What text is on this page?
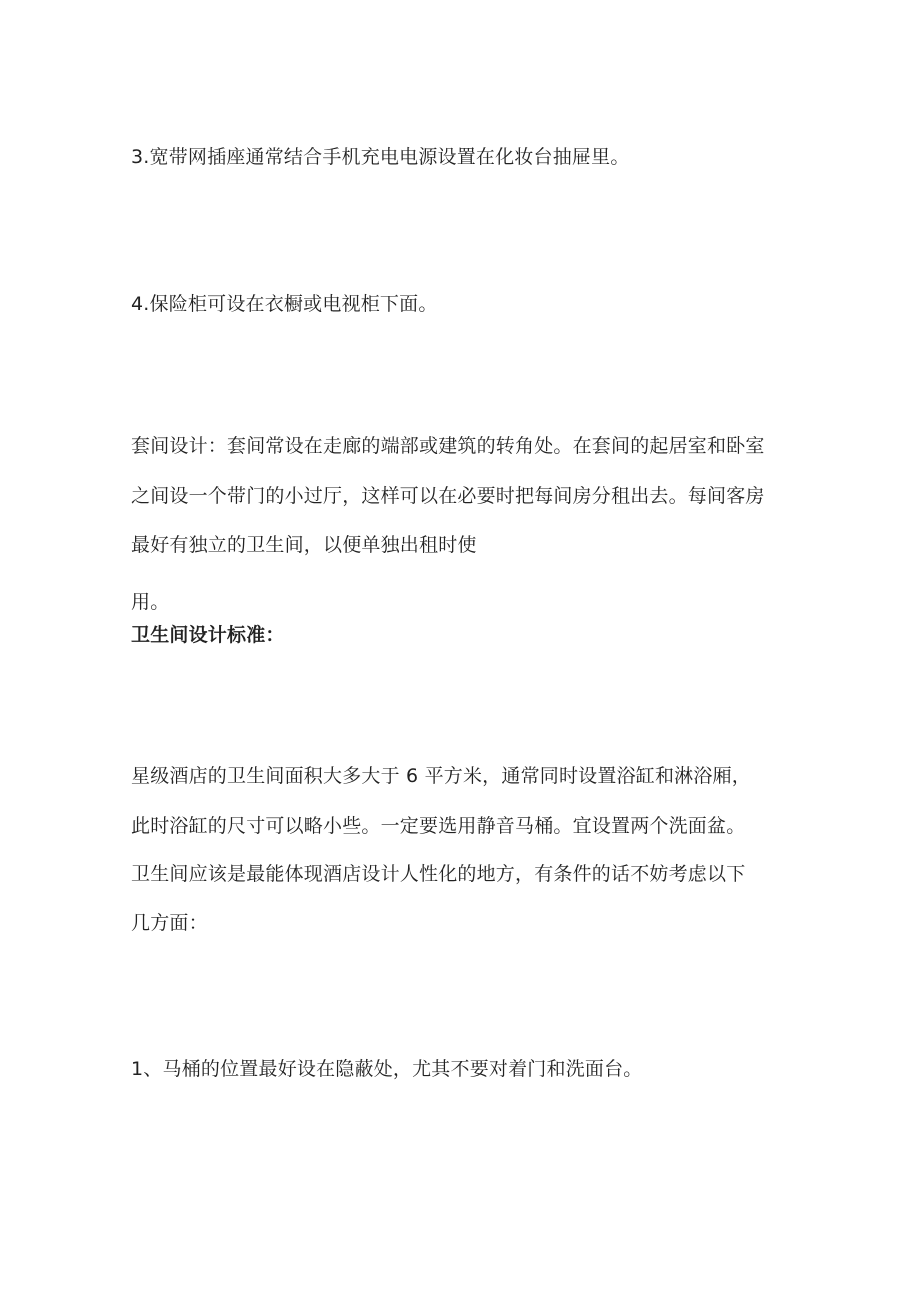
3.宽带网插座通常结合手机充电电源设置在化妆台抽屉里。
4.保险柜可设在衣橱或电视柜下面。
套间设计：套间常设在走廊的端部或建筑的转角处。在套间的起居室和卧室
之间设一个带门的小过厅，这样可以在必要时把每间房分租出去。每间客房
最好有独立的卫生间，以便单独出租时使
用。
卫生间设计标准：
星级酒店的卫生间面积大多大于 6 平方米，通常同时设置浴缸和淋浴厢，
此时浴缸的尺寸可以略小些。一定要选用静音马桶。宜设置两个洗面盆。
卫生间应该是最能体现酒店设计人性化的地方，有条件的话不妨考虑以下
几方面：
1、马桶的位置最好设在隐蔽处，尤其不要对着门和洗面台。
